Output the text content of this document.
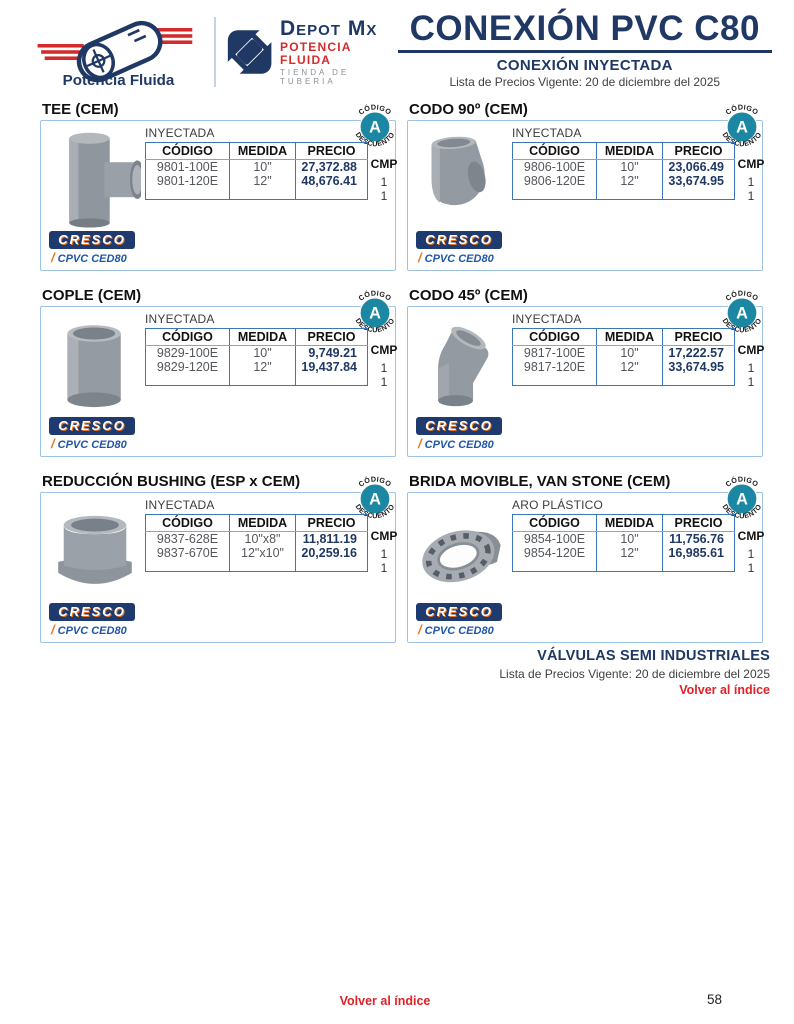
Potencia Fluida
Depot Mx
POTENCIA FLUIDA
TIENDA DE TUBERIA
CONEXIÓN PVC C80
CONEXIÓN INYECTADA
Lista de Precios Vigente: 20 de diciembre del 2025
TEE (CEM)	CÓDIGO
A
DESCUENTO
INYECTADA
CÓDIGO	MEDIDA	PRECIO
9801-100E	10"	27,372.88
9801-120E	12"	48,676.41

CMP
1
1
CRESCO
/ CPVC CED80
CODO 90º (CEM)	CÓDIGO
A
DESCUENTO
INYECTADA
CÓDIGO	MEDIDA	PRECIO
9806-100E	10"	23,066.49
9806-120E	12"	33,674.95

CMP
1
1
CRESCO
/ CPVC CED80
COPLE (CEM)	CÓDIGO
A
DESCUENTO
INYECTADA
CÓDIGO	MEDIDA	PRECIO
9829-100E	10"	9,749.21
9829-120E	12"	19,437.84

CMP
1
1
CRESCO
/ CPVC CED80
CODO 45º (CEM)	CÓDIGO
A
DESCUENTO
INYECTADA
CÓDIGO	MEDIDA	PRECIO
9817-100E	10"	17,222.57
9817-120E	12"	33,674.95

CMP
1
1
CRESCO
/ CPVC CED80
REDUCCIÓN BUSHING (ESP x CEM)	CÓDIGO
A
DESCUENTO
INYECTADA
CÓDIGO	MEDIDA	PRECIO
9837-628E	10"x8"	11,811.19
9837-670E	12"x10"	20,259.16

CMP
1
1
CRESCO
/ CPVC CED80
BRIDA MOVIBLE, VAN STONE (CEM)	CÓDIGO
A
DESCUENTO
ARO PLÁSTICO
CÓDIGO	MEDIDA	PRECIO
9854-100E	10"	11,756.76
9854-120E	12"	16,985.61

CMP
1
1
CRESCO
/ CPVC CED80
VÁLVULAS SEMI INDUSTRIALES
Lista de Precios Vigente: 20 de diciembre del 2025
Volver al índice
Volver al índice	58
